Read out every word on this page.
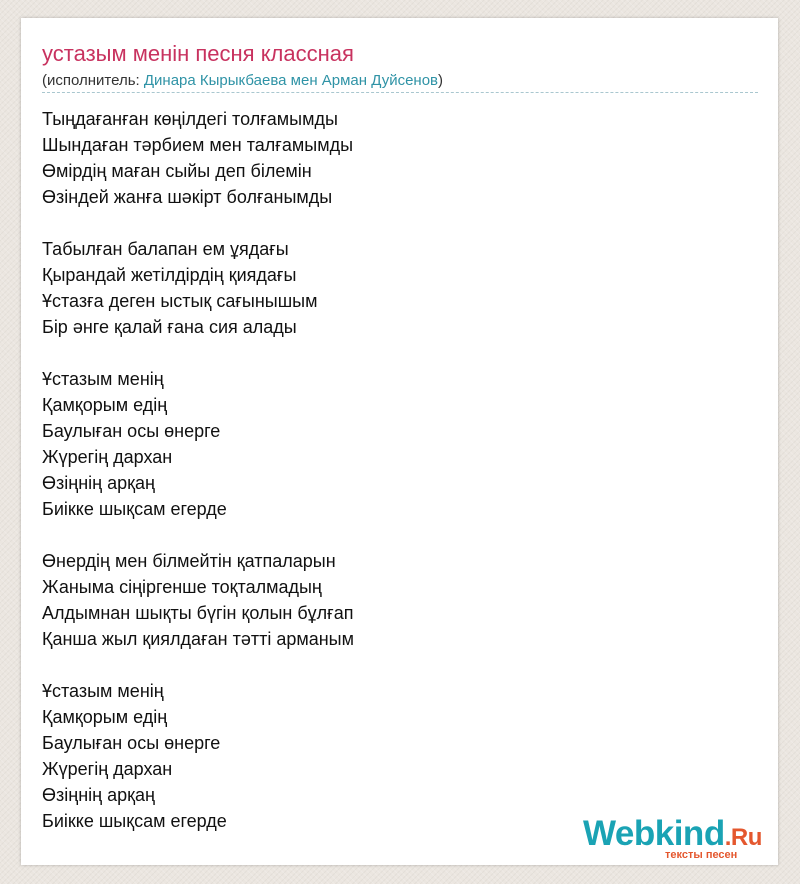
устазым менін песня классная
(исполнитель: Динара Кырыкбаева мен Арман Дуйсенов)
Тыңдағанған көңілдегі толғамымды
Шындаған тәрбием мен талғамымды
Өмірдің маған сыйы деп білемін
Өзіндей жанға шәкірт болғанымды
Табылған балапан ем ұядағы
Қырандай жетілдірдің қиядағы
Ұстазға деген ыстық сағынышым
Бір әнге қалай ғана сия алады
Ұстазым менің
Қамқорым едің
Баулыған осы өнерге
Жүрегің дархан
Өзіңнің арқаң
Биікке шықсам егерде
Өнердің мен білмейтін қатпаларын
Жаныма сіңіргенше тоқталмадың
Алдымнан шықты бүгін қолын бұлғап
Қанша жыл қиялдаған тәтті арманым
Ұстазым менің
Қамқорым едің
Баулыған осы өнерге
Жүрегің дархан
Өзіңнің арқаң
Биікке шықсам егерде	Webkind.Ru
тексты песен
